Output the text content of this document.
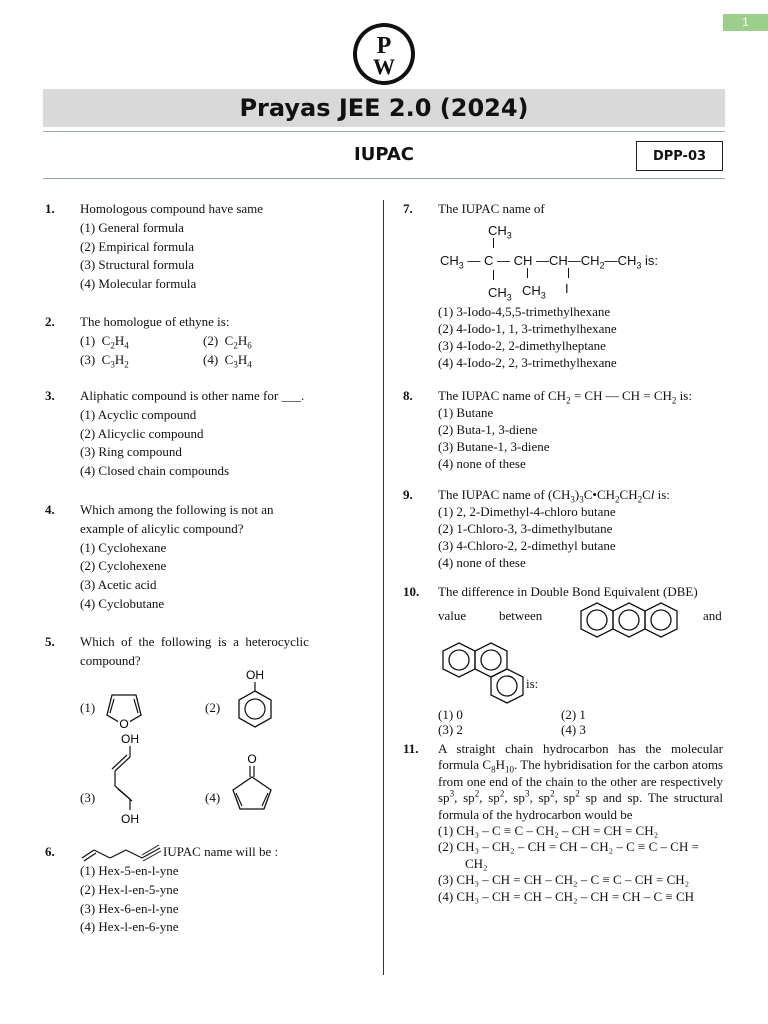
1
P
W
Prayas JEE 2.0 (2024)
IUPAC	DPP-03
1. Homologous compound have same
(1) General formula
(2) Empirical formula
(3) Structural formula
(4) Molecular formula
2. The homologue of ethyne is:
(1) $C_2H_4$	(2) $C_2H_6$
(3) $C_3H_2$	(4) $C_3H_4$
3. Aliphatic compound is other name for ___.
(1) Acyclic compound
(2) Alicyclic compound
(3) Ring compound
(4) Closed chain compounds
4. Which among the following is not an
example of alicylic compound?
(1) Cyclohexane
(2) Cyclohexene
(3) Acetic acid
(4) Cyclobutane
5. Which  of  the  following  is  a  heterocyclic
compound?
(1)
O
(2)
OH
(3)
OH
OH
(4)
O
6.	IUPAC name will be :
(1) Hex-5-en-l-yne
(2) Hex-l-en-5-yne
(3) Hex-6-en-l-yne
(4) Hex-l-en-6-yne
7. The IUPAC name of
$CH_3$
$CH_3$ — C — CH $—CH—CH_2—CH_3$ is:
$CH_3$ $CH_3$ I
(1) 3-Iodo-4,5,5-trimethylhexane
(2) 4-Iodo-1, 1, 3-trimethylhexane
(3) 4-Iodo-2, 2-dimethylheptane
(4) 4-Iodo-2, 2, 3-trimethylhexane
8. The IUPAC name of $CH_2$ = CH — CH = $CH_2$ is:
(1) Butane
(2) Buta-1, 3-diene
(3) Butane-1, 3-diene
(4) none of these
9. The IUPAC name of $(CH_3)_3C•CH_2CH_2Cl$ is:
(1) 2, 2-Dimethyl-4-chloro butane
(2) 1-Chloro-3, 3-dimethylbutane
(3) 4-Chloro-2, 2-dimethyl butane
(4) none of these
10. The difference in Double Bond Equivalent (DBE)
value	between	and
is:
(1) 0	(2) 1
(3) 2	(4) 3
11. A straight chain hydrocarbon has the molecular formula $C_8H_{10}$. The hybridisation for the carbon atoms from one end of the chain to the other are respectively $sp^3$, $sp^2$, $sp^2$, $sp^3$, $sp^2$, $sp^2$ sp and sp. The structural formula of the hydrocarbon would be
(1) CH₃ – C ≡ C – CH₂ – CH = CH = CH₂
(2) CH₃ – CH₂ – CH = CH – CH₂ – C ≡ C – CH =
CH₂
(3) CH₃ – CH = CH – CH₂ – C ≡ C – CH = CH₂
(4) CH₃ – CH = CH – CH₂ – CH = CH – C ≡ CH
